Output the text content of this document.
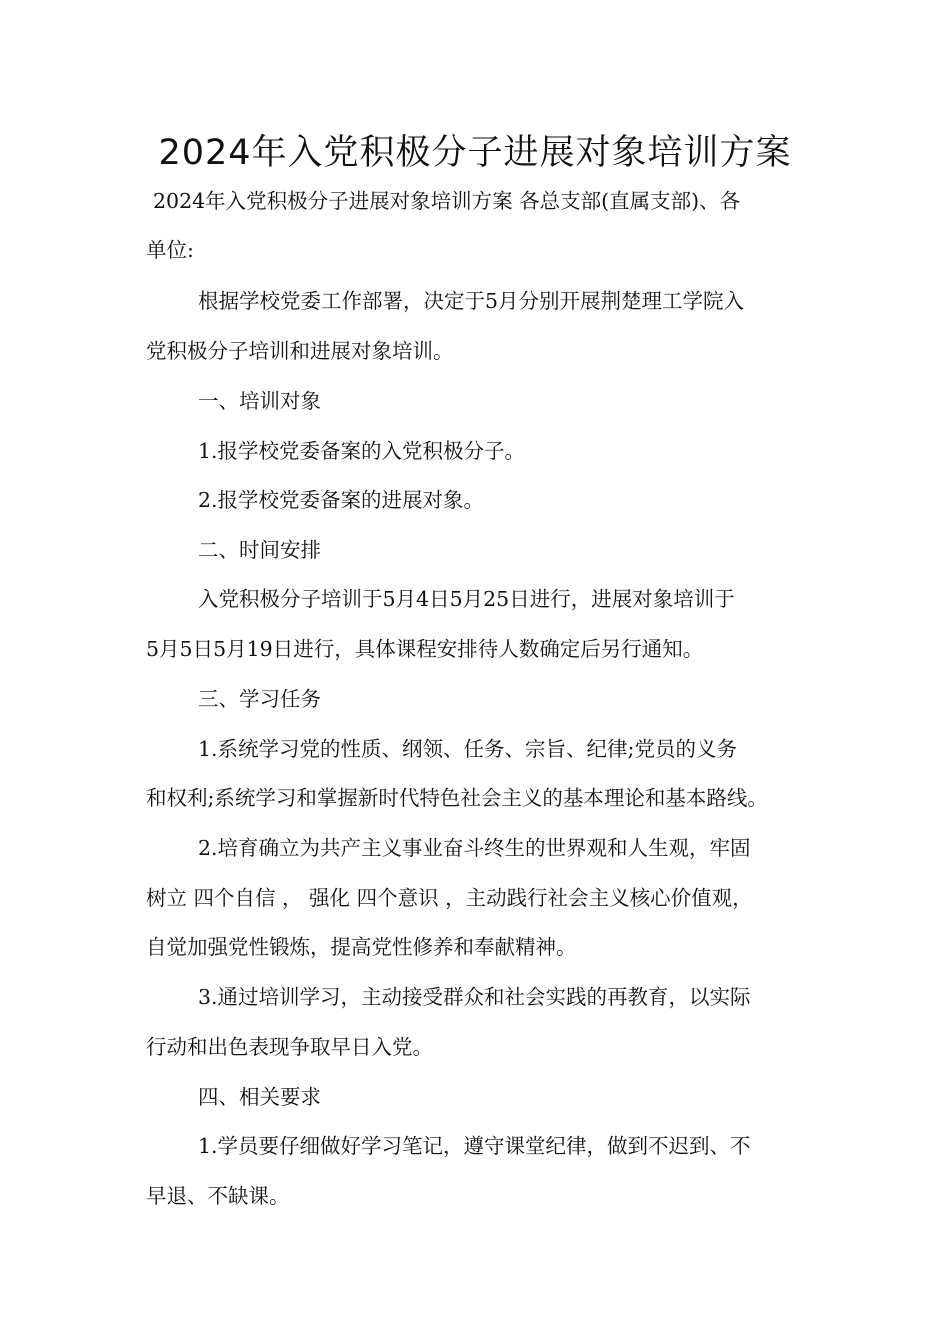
2024年入党积极分子进展对象培训方案

2024年入党积极分子进展对象培训方案 各总支部(直属支部)、各

单位:

根据学校党委工作部署，决定于5月分别开展荆楚理工学院入

党积极分子培训和进展对象培训。

一、培训对象

1.报学校党委备案的入党积极分子。

2.报学校党委备案的进展对象。

二、时间安排

入党积极分子培训于5月4日5月25日进行，进展对象培训于

5月5日5月19日进行，具体课程安排待人数确定后另行通知。

三、学习任务

1.系统学习党的性质、纲领、任务、宗旨、纪律;党员的义务

和权利;系统学习和掌握新时代特色社会主义的基本理论和基本路线。

2.培育确立为共产主义事业奋斗终生的世界观和人生观，牢固

树立 四个自信 ， 强化 四个意识 ，主动践行社会主义核心价值观，

自觉加强党性锻炼，提高党性修养和奉献精神。

3.通过培训学习，主动接受群众和社会实践的再教育，以实际

行动和出色表现争取早日入党。

四、相关要求

1.学员要仔细做好学习笔记，遵守课堂纪律，做到不迟到、不

早退、不缺课。
